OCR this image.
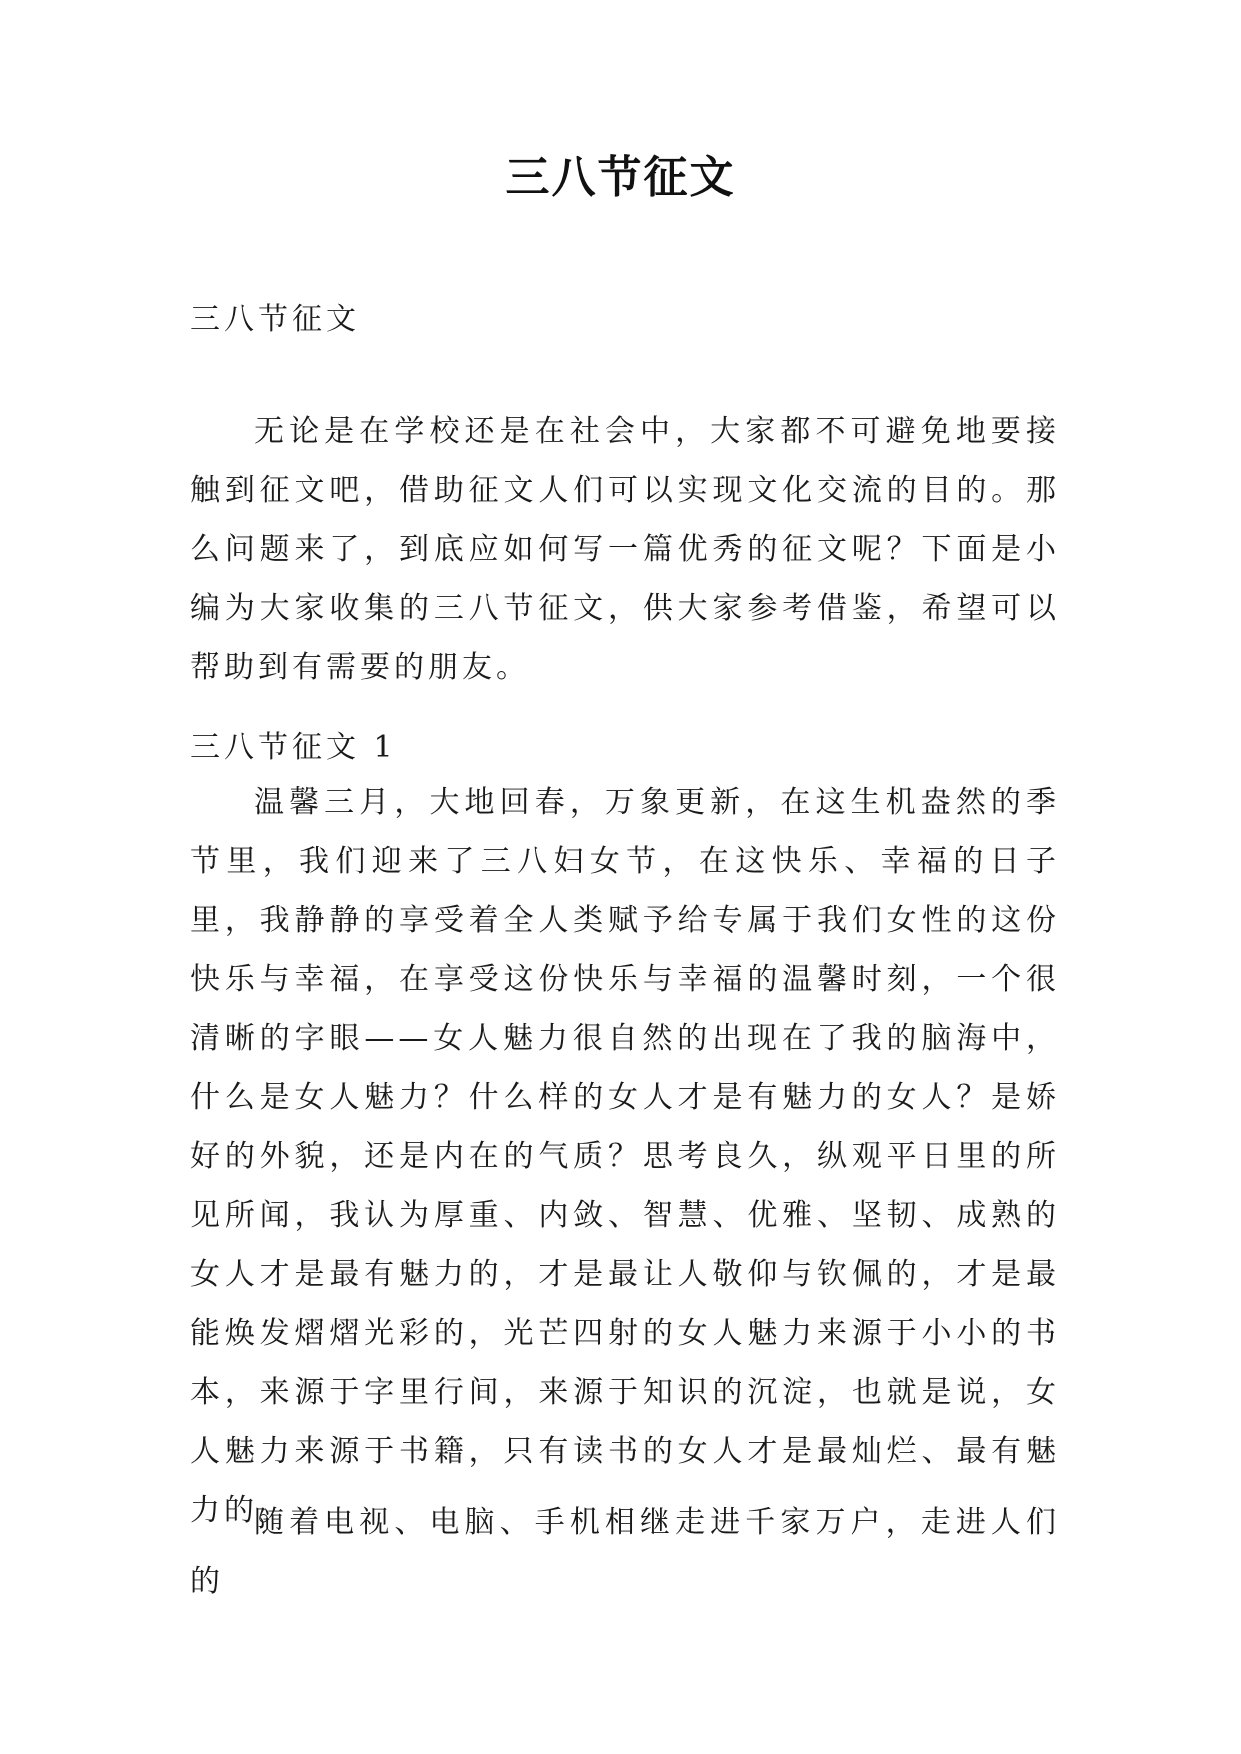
三八节征文

三八节征文

无论是在学校还是在社会中，大家都不可避免地要接触到征文吧，借助征文人们可以实现文化交流的目的。那么问题来了，到底应如何写一篇优秀的征文呢？下面是小编为大家收集的三八节征文，供大家参考借鉴，希望可以帮助到有需要的朋友。

三八节征文 1

温馨三月，大地回春，万象更新，在这生机盎然的季节里，我们迎来了三八妇女节，在这快乐、幸福的日子里，我静静的享受着全人类赋予给专属于我们女性的这份快乐与幸福，在享受这份快乐与幸福的温馨时刻，一个很清晰的字眼——女人魅力很自然的出现在了我的脑海中，什么是女人魅力？什么样的女人才是有魅力的女人？是娇好的外貌，还是内在的气质？思考良久，纵观平日里的所见所闻，我认为厚重、内敛、智慧、优雅、坚韧、成熟的女人才是最有魅力的，才是最让人敬仰与钦佩的，才是最能焕发熠熠光彩的，光芒四射的女人魅力来源于小小的书本，来源于字里行间，来源于知识的沉淀，也就是说，女人魅力来源于书籍，只有读书的女人才是最灿烂、最有魅力的。

随着电视、电脑、手机相继走进千家万户，走进人们的
